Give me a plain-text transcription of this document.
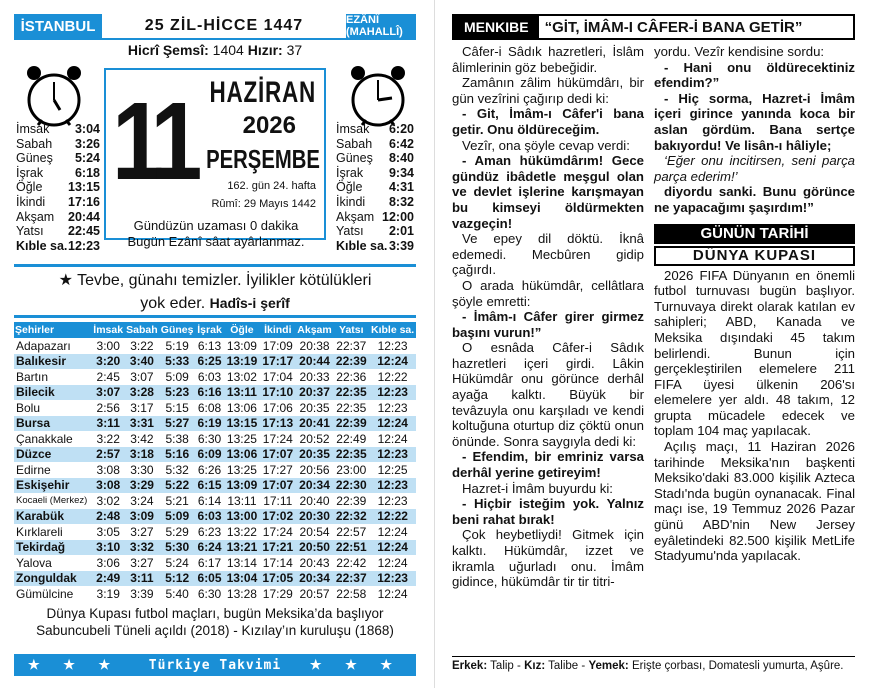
İSTANBUL	25 ZİL-HİCCE 1447	EZÂNÎ (MAHALLÎ)
Hicrî Şemsî: 1404 Hızır: 37
İmsak 3:04
Sabah 3:26
Güneş 5:24
İşrak	6:18
Öğle 13:15
İkindi 17:16
Akşam 20:44
Yatsı 22:45
Kıble sa. 12:23
İmsak 6:20
Sabah 6:42
Güneş 8:40
İşrak 9:34
Öğle 4:31
İkindi 8:32
Akşam 12:00
Yatsı 2:01
Kıble sa. 3:39
11 HAZİRAN
2026
PERŞEMBE
162. gün 24. hafta
Rûmî: 29 Mayıs 1442
Gündüzün uzaması 0 dakika
Bugün Ezânî sâat ayârlanmaz.
★ Tevbe, günahı temizler. İyilikler kötülükleri
yok eder. Hadîs-i şerîf
Şehirler	İmsak	Sabah	Güneş	İşrak	Öğle	İkindi	Akşam	Yatsı	Kıble sa.
Adapazarı	3:00	3:22	5:19	6:13	13:09	17:09	20:38	22:37	12:23
Balıkesir	3:20	3:40	5:33	6:25	13:19	17:17	20:44	22:39	12:24
Bartın	2:45	3:07	5:09	6:03	13:02	17:04	20:33	22:36	12:22
Bilecik	3:07	3:28	5:23	6:16	13:11	17:10	20:37	22:35	12:23
Bolu	2:56	3:17	5:15	6:08	13:06	17:06	20:35	22:35	12:23
Bursa	3:11	3:31	5:27	6:19	13:15	17:13	20:41	22:39	12:24
Çanakkale	3:22	3:42	5:38	6:30	13:25	17:24	20:52	22:49	12:24
Düzce	2:57	3:18	5:16	6:09	13:06	17:07	20:35	22:35	12:23
Edirne	3:08	3:30	5:32	6:26	13:25	17:27	20:56	23:00	12:25
Eskişehir	3:08	3:29	5:22	6:15	13:09	17:07	20:34	22:30	12:23
Kocaeli (Merkez)	3:02	3:24	5:21	6:14	13:11	17:11	20:40	22:39	12:23
Karabük	2:48	3:09	5:09	6:03	13:00	17:02	20:30	22:32	12:22
Kırklareli	3:05	3:27	5:29	6:23	13:22	17:24	20:54	22:57	12:24
Tekirdağ	3:10	3:32	5:30	6:24	13:21	17:21	20:50	22:51	12:24
Yalova	3:06	3:27	5:24	6:17	13:14	17:14	20:43	22:42	12:24
Zonguldak	2:49	3:11	5:12	6:05	13:04	17:05	20:34	22:37	12:23
Gümülcine	3:19	3:39	5:40	6:30	13:28	17:29	20:57	22:58	12:24
Dünya Kupası futbol maçları, bugün Meksika’da başlıyor
Sabuncubeli Tüneli açıldı (2018) - Kızılay’ın kuruluşu (1868)
★ ★ ★ Türkiye Takvimi ★ ★ ★
MENKIBE	“GİT, İMÂM-I CÂFER-İ BANA GETİR”

Câfer-i Sâdık hazretleri, İslâm âlimlerinin göz bebeğidir.

Zamânın zâlim hükümdârı, bir gün vezîrini çağırıp dedi ki:

- Git, İmâm-ı Câfer'i bana getir. Onu öldüreceğim.

Vezîr, ona şöyle cevap verdi:

- Aman hükümdârım! Gece gündüz ibâdetle meşgul olan ve devlet işlerine karışmayan bu kimseyi öldürmekten vazgeçin!

Ve epey dil döktü. İknâ edemedi. Mecbûren gidip çağırdı.

O arada hükümdâr, cellâtlara şöyle emretti:

- İmâm-ı Câfer girer girmez başını vurun!”

O esnâda Câfer-i Sâdık hazretleri içeri girdi. Lâkin Hükümdâr onu görünce derhâl ayağa kalktı. Büyük bir tevâzuyla onu karşıladı ve kendi koltuğuna oturtup diz çöktü onun önünde. Sonra saygıyla dedi ki:

- Efendim, bir emriniz varsa derhâl yerine getireyim!

Hazret-i İmâm buyurdu ki:

- Hiçbir isteğim yok. Yalnız beni rahat bırak!

Çok heybetliydi! Gitmek için kalktı. Hükümdâr, izzet ve ikramla uğurladı onu. İmâm gidince, hükümdâr tir tir titri-

yordu. Vezîr kendisine sordu:

- Hani onu öldürecektiniz efendim?”

- Hiç sorma, Hazret-i İmâm içeri girince yanında koca bir aslan gördüm. Bana sertçe bakıyordu! Ve lisân-ı hâliyle;

‘Eğer onu incitirsen, seni parça parça ederim!’

diyordu sanki. Bunu görünce ne yapacağımı şaşırdım!”

GÜNÜN TARİHİ
DÜNYA KUPASI

2026 FIFA Dünyanın en önemli futbol turnuvası bugün başlıyor. Turnuvaya direkt olarak katılan ev sahipleri; ABD, Kanada ve Meksika dışındaki 45 takım belirlendi. Bunun için gerçekleştirilen elemelere 211 FIFA üyesi ülkenin 206'sı elemelere yer aldı. 48 takım, 12 grupta mücadele edecek ve toplam 104 maç yapılacak.

Açılış maçı, 11 Haziran 2026 tarihinde Meksika'nın başkenti Meksiko'daki 83.000 kişilik Azteca Stadı'nda bugün oynanacak. Final maçı ise, 19 Temmuz 2026 Pazar günü ABD'nin New Jersey eyâletindeki 82.500 kişilik MetLife Stadyumu'nda yapılacak.

Erkek: Talip - Kız: Talibe - Yemek: Erişte çorbası, Domatesli yumurta, Aşûre.
